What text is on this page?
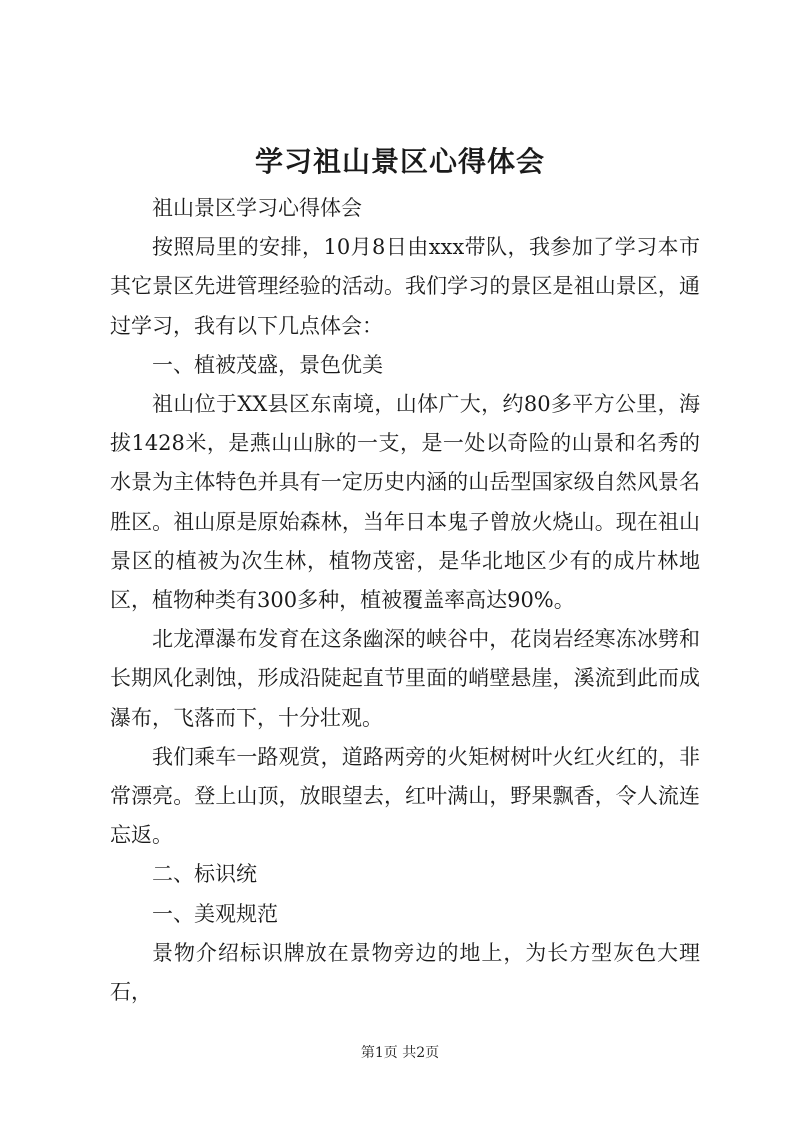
学习祖山景区心得体会

祖山景区学习心得体会

按照局里的安排，10月8日由xxx带队，我参加了学习本市其它景区先进管理经验的活动。我们学习的景区是祖山景区，通过学习，我有以下几点体会：

一、植被茂盛，景色优美

祖山位于XX县区东南境，山体广大，约80多平方公里，海拔1428米，是燕山山脉的一支，是一处以奇险的山景和名秀的水景为主体特色并具有一定历史内涵的山岳型国家级自然风景名胜区。祖山原是原始森林，当年日本鬼子曾放火烧山。现在祖山景区的植被为次生林，植物茂密，是华北地区少有的成片林地区，植物种类有300多种，植被覆盖率高达90%。

北龙潭瀑布发育在这条幽深的峡谷中，花岗岩经寒冻冰劈和长期风化剥蚀，形成沿陡起直节里面的峭壁悬崖，溪流到此而成瀑布，飞落而下，十分壮观。

我们乘车一路观赏，道路两旁的火矩树树叶火红火红的，非常漂亮。登上山顶，放眼望去，红叶满山，野果飘香，令人流连忘返。

二、标识统

一、美观规范

景物介绍标识牌放在景物旁边的地上，为长方型灰色大理石，

第1页 共2页
